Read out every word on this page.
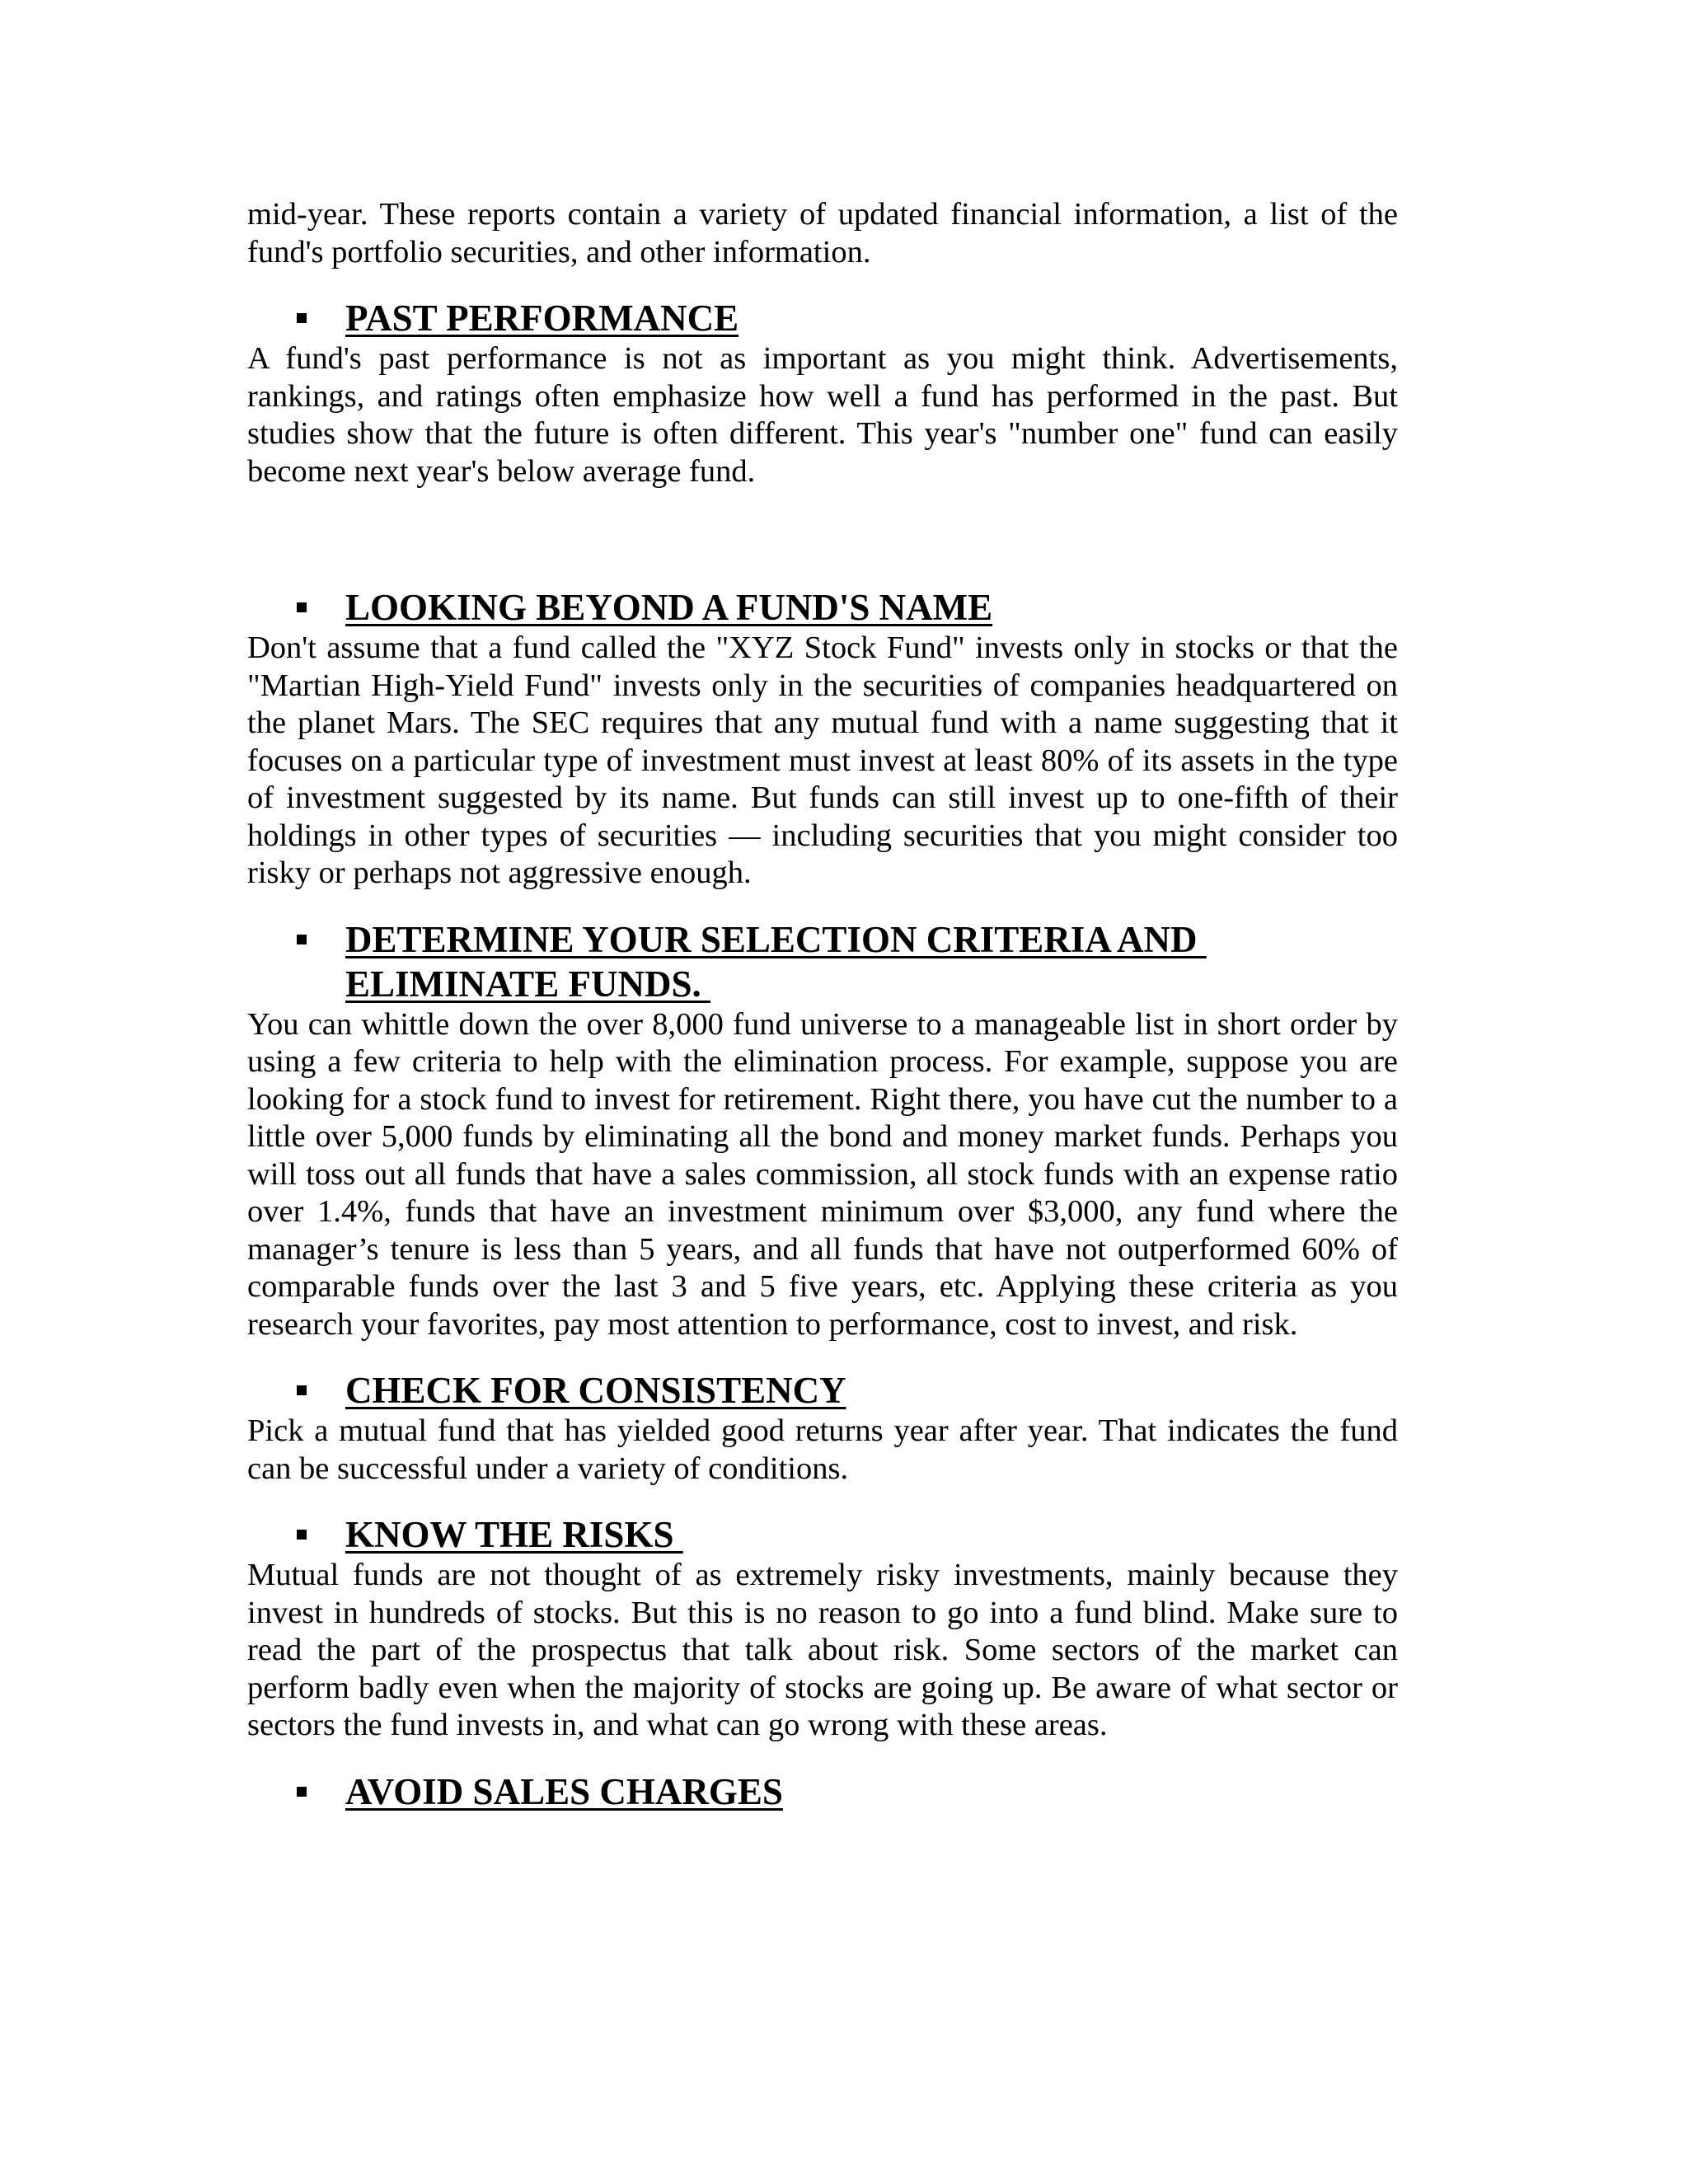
mid-year. These reports contain a variety of updated financial information, a list of the fund's portfolio securities, and other information.

PAST PERFORMANCE

A fund's past performance is not as important as you might think. Advertisements, rankings, and ratings often emphasize how well a fund has performed in the past. But studies show that the future is often different. This year's "number one" fund can easily become next year's below average fund.

LOOKING BEYOND A FUND'S NAME

Don't assume that a fund called the "XYZ Stock Fund" invests only in stocks or that the "Martian High-Yield Fund" invests only in the securities of companies headquartered on the planet Mars. The SEC requires that any mutual fund with a name suggesting that it focuses on a particular type of investment must invest at least 80% of its assets in the type of investment suggested by its name. But funds can still invest up to one-fifth of their holdings in other types of securities — including securities that you might consider too risky or perhaps not aggressive enough.

DETERMINE YOUR SELECTION CRITERIA AND
ELIMINATE FUNDS.

You can whittle down the over 8,000 fund universe to a manageable list in short order by using a few criteria to help with the elimination process. For example, suppose you are looking for a stock fund to invest for retirement. Right there, you have cut the number to a little over 5,000 funds by eliminating all the bond and money market funds. Perhaps you will toss out all funds that have a sales commission, all stock funds with an expense ratio over 1.4%, funds that have an investment minimum over $3,000, any fund where the manager’s tenure is less than 5 years, and all funds that have not outperformed 60% of comparable funds over the last 3 and 5 five years, etc. Applying these criteria as you research your favorites, pay most attention to performance, cost to invest, and risk.

CHECK FOR CONSISTENCY

Pick a mutual fund that has yielded good returns year after year. That indicates the fund can be successful under a variety of conditions.

KNOW THE RISKS

Mutual funds are not thought of as extremely risky investments, mainly because they invest in hundreds of stocks. But this is no reason to go into a fund blind. Make sure to read the part of the prospectus that talk about risk. Some sectors of the market can perform badly even when the majority of stocks are going up. Be aware of what sector or sectors the fund invests in, and what can go wrong with these areas.

AVOID SALES CHARGES
